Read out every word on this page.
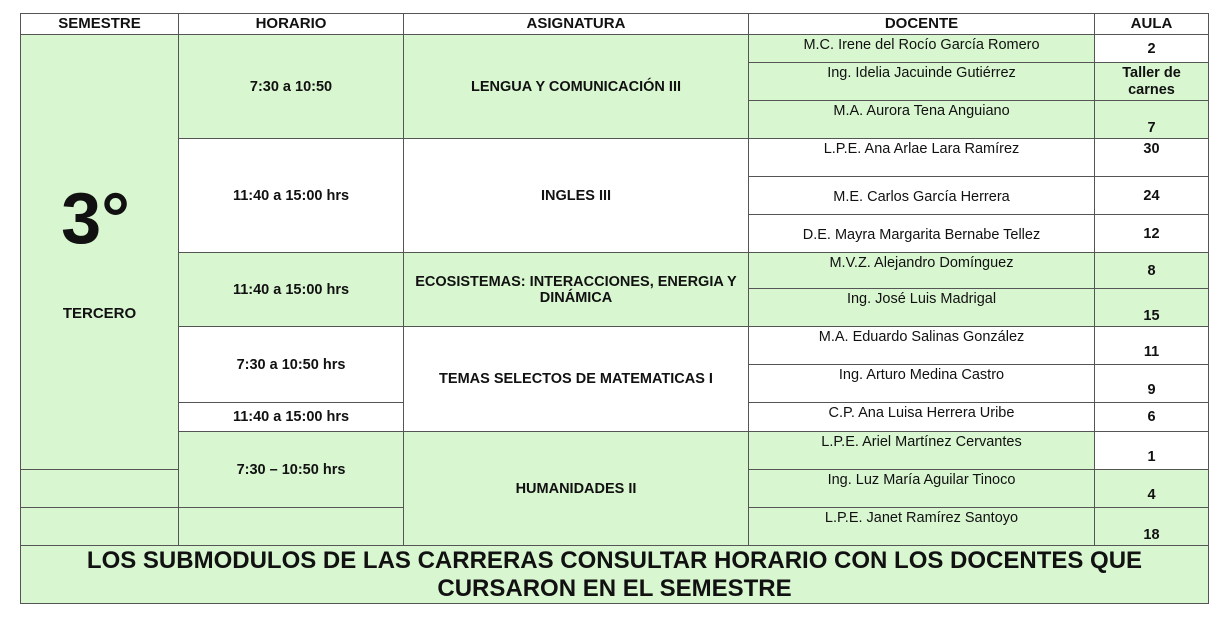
SEMESTRE	HORARIO	ASIGNATURA	DOCENTE	AULA

3°
TERCERO	7:30 a 10:50	LENGUA Y COMUNICACIÓN III	M.C. Irene del Rocío García Romero	2
			Ing. Idelia Jacuinde Gutiérrez	Taller de carnes
			M.A. Aurora Tena Anguiano	7
	11:40 a 15:00 hrs	INGLES III	L.P.E. Ana Arlae Lara Ramírez	30
			M.E. Carlos García Herrera	24
			D.E. Mayra Margarita Bernabe Tellez	12
	11:40 a 15:00 hrs	ECOSISTEMAS: INTERACCIONES, ENERGIA Y DINÁMICA	M.V.Z. Alejandro Domínguez	8
			Ing. José Luis Madrigal	15
	7:30 a 10:50 hrs	TEMAS SELECTOS DE MATEMATICAS I	M.A. Eduardo Salinas González	11
			Ing. Arturo Medina Castro	9
	11:40 a 15:00 hrs		C.P. Ana Luisa Herrera Uribe	6
	7:30 – 10:50 hrs	HUMANIDADES II	L.P.E. Ariel Martínez Cervantes	1
			Ing. Luz María Aguilar Tinoco	4
			L.P.E. Janet Ramírez Santoyo	18
LOS SUBMODULOS DE LAS CARRERAS CONSULTAR HORARIO CON LOS DOCENTES QUE CURSARON EN EL SEMESTRE				
